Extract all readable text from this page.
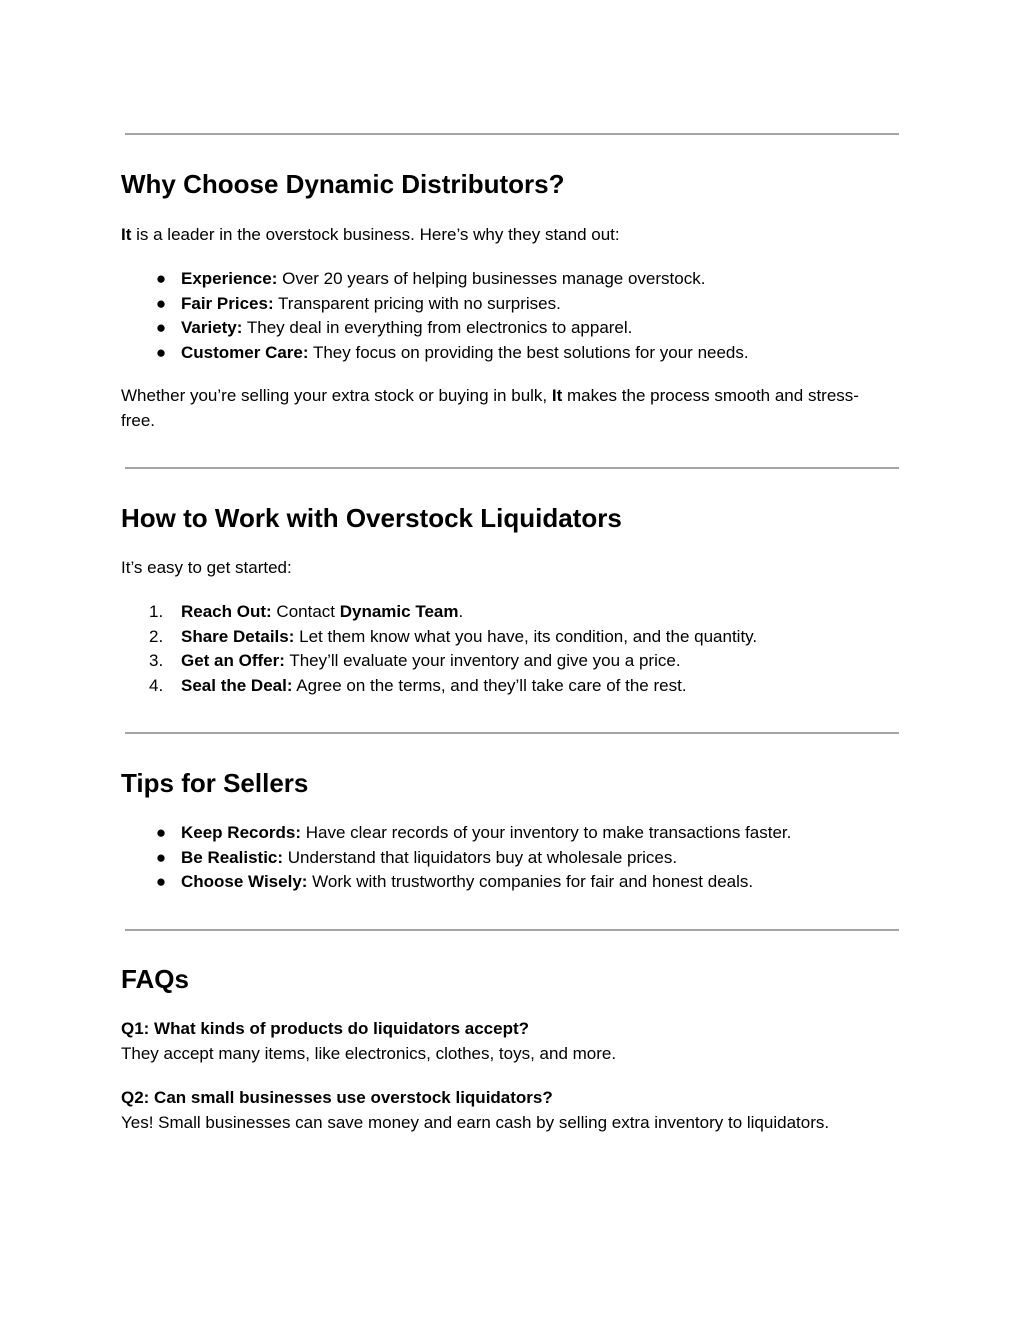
Why Choose Dynamic Distributors?

It is a leader in the overstock business. Here’s why they stand out:

● Experience: Over 20 years of helping businesses manage overstock.
● Fair Prices: Transparent pricing with no surprises.
● Variety: They deal in everything from electronics to apparel.
● Customer Care: They focus on providing the best solutions for your needs.

Whether you’re selling your extra stock or buying in bulk, It makes the process smooth and stress-free.

How to Work with Overstock Liquidators

It’s easy to get started:

1. Reach Out: Contact Dynamic Team.
2. Share Details: Let them know what you have, its condition, and the quantity.
3. Get an Offer: They’ll evaluate your inventory and give you a price.
4. Seal the Deal: Agree on the terms, and they’ll take care of the rest.
Tips for Sellers
● Keep Records: Have clear records of your inventory to make transactions faster.
● Be Realistic: Understand that liquidators buy at wholesale prices.
● Choose Wisely: Work with trustworthy companies for fair and honest deals.
FAQs
Q1: What kinds of products do liquidators accept?
They accept many items, like electronics, clothes, toys, and more.
Q2: Can small businesses use overstock liquidators?
Yes! Small businesses can save money and earn cash by selling extra inventory to liquidators.
